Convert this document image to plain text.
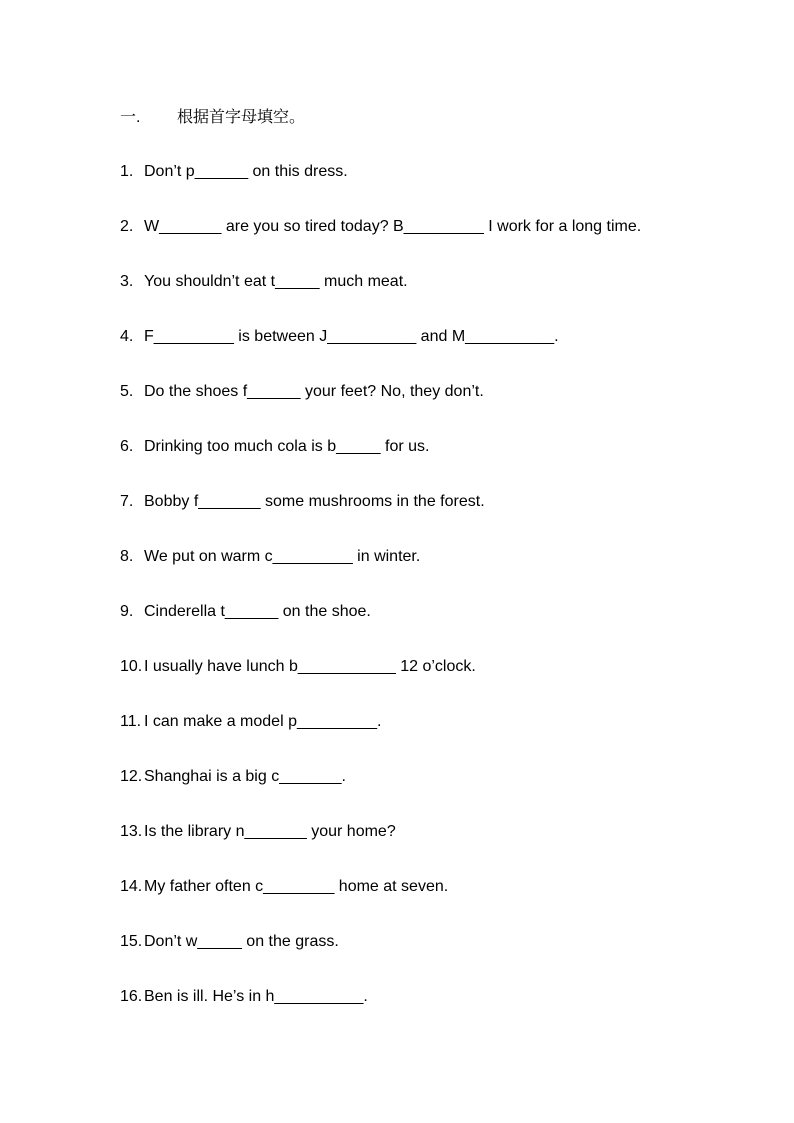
一. 根据首字母填空。
1. Don’t p______ on this dress.
2. W_______ are you so tired today? B_________ I work for a long time.
3. You shouldn’t eat t_____ much meat.
4. F_________ is between J__________ and M__________.
5. Do the shoes f______ your feet? No, they don’t.
6. Drinking too much cola is b_____ for us.
7. Bobby f_______ some mushrooms in the forest.
8. We put on warm c_________ in winter.
9. Cinderella t______ on the shoe.
10. I usually have lunch b___________ 12 o’clock.
11. I can make a model p_________.
12. Shanghai is a big c_______.
13. Is the library n_______ your home?
14. My father often c________ home at seven.
15. Don’t w_____ on the grass.
16. Ben is ill. He’s in h__________.
